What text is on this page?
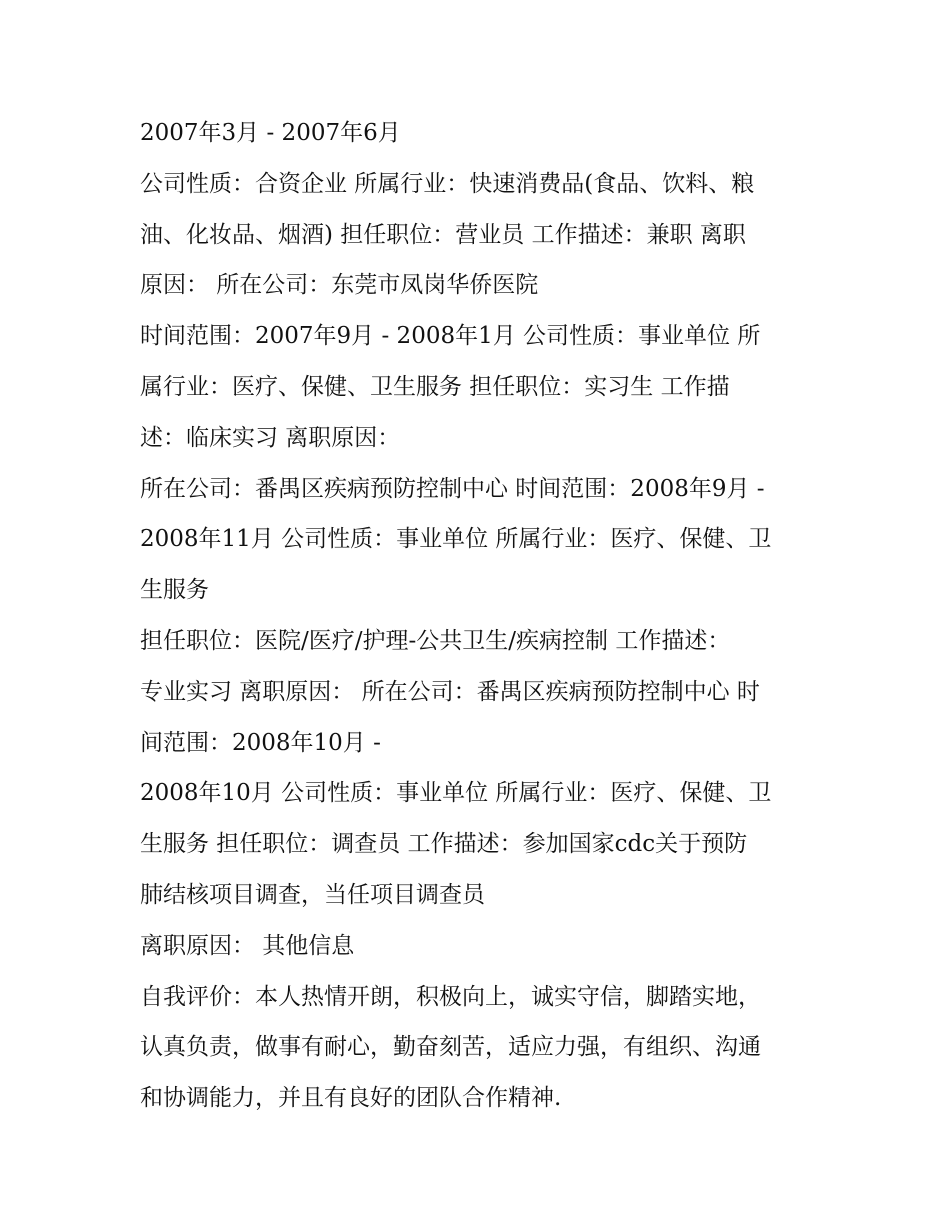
2007年3月 - 2007年6月
公司性质：合资企业 所属行业：快速消费品(食品、饮料、粮
油、化妆品、烟酒) 担任职位：营业员 工作描述：兼职 离职
原因： 所在公司：东莞市凤岗华侨医院
时间范围：2007年9月 - 2008年1月 公司性质：事业单位 所
属行业：医疗、保健、卫生服务 担任职位：实习生 工作描
述：临床实习 离职原因：
所在公司：番禺区疾病预防控制中心 时间范围：2008年9月 -
2008年11月 公司性质：事业单位 所属行业：医疗、保健、卫
生服务
担任职位：医院/医疗/护理-公共卫生/疾病控制 工作描述：
专业实习 离职原因： 所在公司：番禺区疾病预防控制中心 时
间范围：2008年10月 -
2008年10月 公司性质：事业单位 所属行业：医疗、保健、卫
生服务 担任职位：调查员 工作描述：参加国家cdc关于预防
肺结核项目调查，当任项目调查员
离职原因： 其他信息
自我评价：本人热情开朗，积极向上，诚实守信，脚踏实地，
认真负责，做事有耐心，勤奋刻苦，适应力强，有组织、沟通
和协调能力，并且有良好的团队合作精神.
